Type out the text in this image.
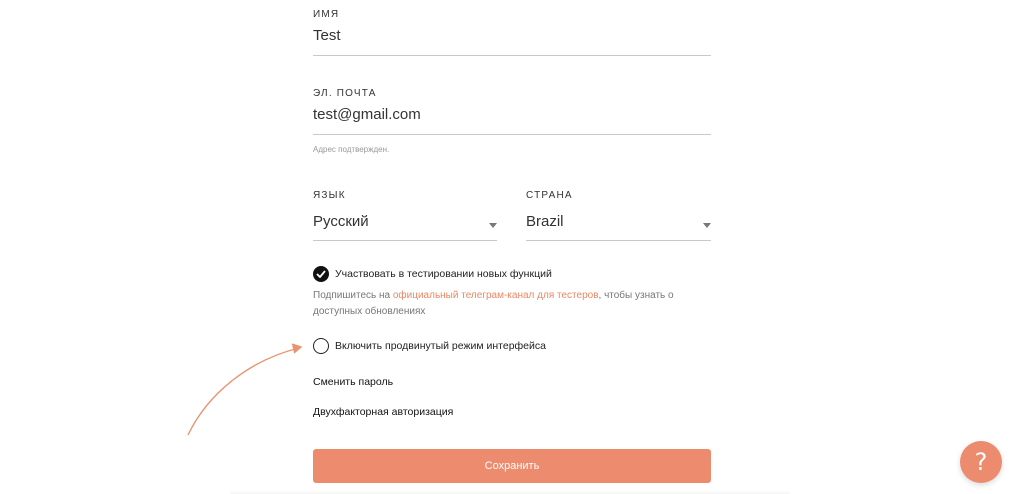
ИМЯ
Test
ЭЛ. ПОЧТА
test@gmail.com
Адрес подтвержден.
ЯЗЫК
Русский
СТРАНА
Brazil
Участвовать в тестировании новых функций
Подпишитесь на официальный телеграм-канал для тестеров, чтобы узнать о доступных обновлениях
Включить продвинутый режим интерфейса
Сменить пароль
Двухфакторная авторизация
Сохранить	?
